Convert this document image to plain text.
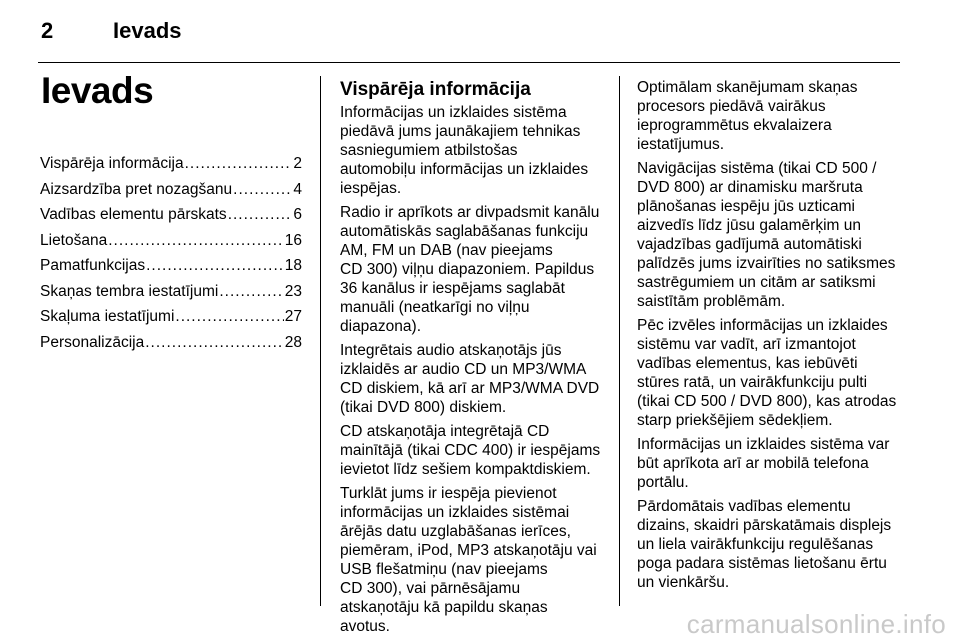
2	Ievads
Ievads
Vispārēja informācija .....	2
Aizsardzība pret nozagšanu .....	4
Vadības elementu pārskats .....	6
Lietošana .....	16
Pamatfunkcijas .....	18
Skaņas tembra iestatījumi .....	23
Skaļuma iestatījumi .....	27
Personalizācija .....	28
Vispārēja informācija

Informācijas un izklaides sistēma
piedāvā jums jaunākajiem tehnikas
sasniegumiem atbilstošas
automobiļu informācijas un izklaides
iespējas.

Radio ir aprīkots ar divpadsmit kanālu
automātiskās saglabāšanas funkciju
AM, FM un DAB (nav pieejams
CD 300) viļņu diapazoniem. Papildus
36 kanālus ir iespējams saglabāt
manuāli (neatkarīgi no viļņu
diapazona).

Integrētais audio atskaņotājs jūs
izklaidēs ar audio CD un MP3/WMA
CD diskiem, kā arī ar MP3/WMA DVD
(tikai DVD 800) diskiem.

CD atskaņotāja integrētajā CD
mainītājā (tikai CDC 400) ir iespējams
ievietot līdz sešiem kompaktdiskiem.

Turklāt jums ir iespēja pievienot
informācijas un izklaides sistēmai
ārējās datu uzglabāšanas ierīces,
piemēram, iPod, MP3 atskaņotāju vai
USB flešatmiņu (nav pieejams
CD 300), vai pārnēsājamu
atskaņotāju kā papildu skaņas
avotus.

Optimālam skanējumam skaņas
procesors piedāvā vairākus
ieprogrammētus ekvalaizera
iestatījumus.

Navigācijas sistēma (tikai CD 500 /
DVD 800) ar dinamisku maršruta
plānošanas iespēju jūs uzticami
aizvedīs līdz jūsu galamērķim un
vajadzības gadījumā automātiski
palīdzēs jums izvairīties no satiksmes
sastrēgumiem un citām ar satiksmi
saistītām problēmām.

Pēc izvēles informācijas un izklaides
sistēmu var vadīt, arī izmantojot
vadības elementus, kas iebūvēti
stūres ratā, un vairākfunkciju pulti
(tikai CD 500 / DVD 800), kas atrodas
starp priekšējiem sēdekļiem.

Informācijas un izklaides sistēma var
būt aprīkota arī ar mobilā telefona
portālu.

Pārdomātais vadības elementu
dizains, skaidri pārskatāmais displejs
un liela vairākfunkciju regulēšanas
poga padara sistēmas lietošanu ērtu
un vienkāršu.

carmanualsonline.info
